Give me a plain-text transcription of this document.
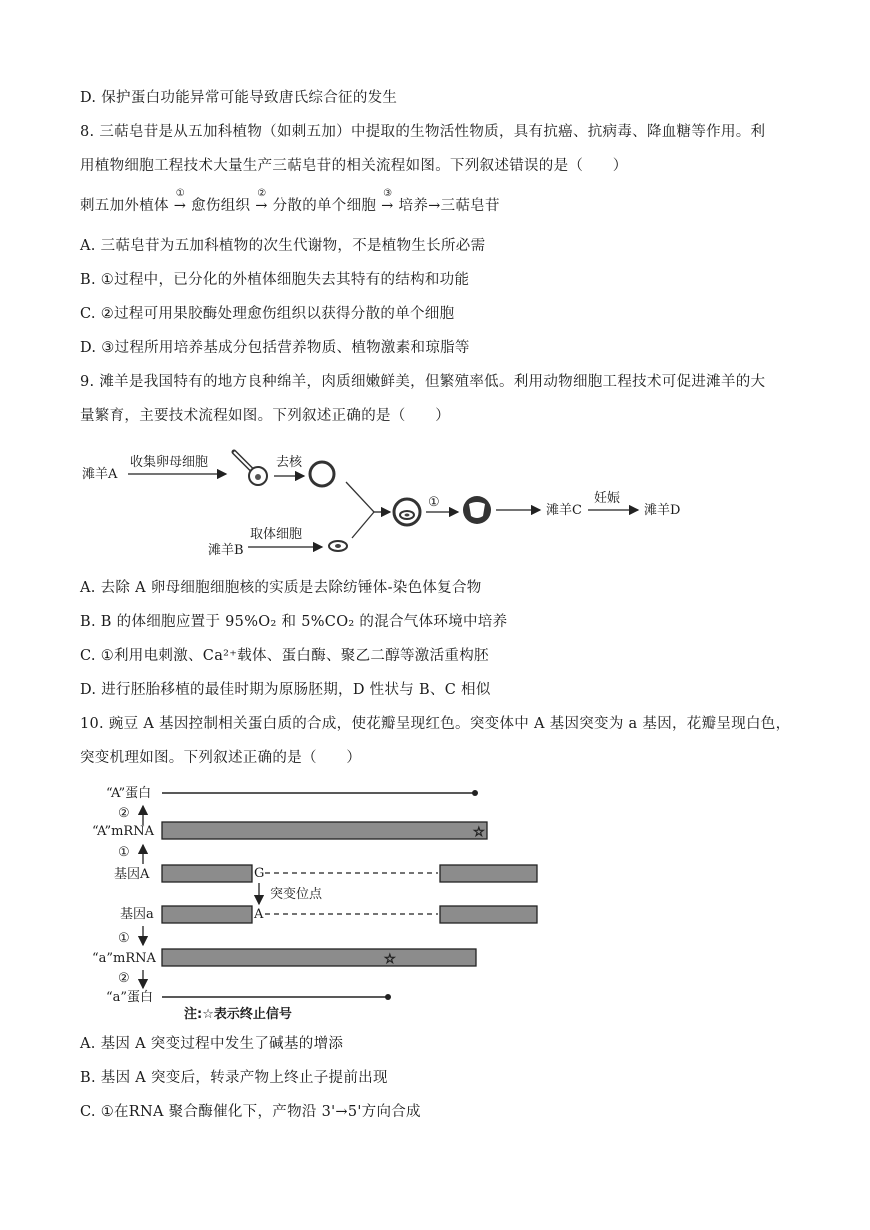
D. 保护蛋白功能异常可能导致唐氏综合征的发生
8. 三萜皂苷是从五加科植物（如刺五加）中提取的生物活性物质，具有抗癌、抗病毒、降血糖等作用。利
用植物细胞工程技术大量生产三萜皂苷的相关流程如图。下列叙述错误的是（　　）
刺五加外植体
①
→ 愈伤组织
②
→ 分散的单个细胞
③
→ 培养→三萜皂苷
A. 三萜皂苷为五加科植物的次生代谢物，不是植物生长所必需
B. ①过程中，已分化的外植体细胞失去其特有的结构和功能
C. ②过程可用果胶酶处理愈伤组织以获得分散的单个细胞
D. ③过程所用培养基成分包括营养物质、植物激素和琼脂等
9. 滩羊是我国特有的地方良种绵羊，肉质细嫩鲜美，但繁殖率低。利用动物细胞工程技术可促进滩羊的大
量繁育，主要技术流程如图。下列叙述正确的是（　　）
滩羊A
收集卵母细胞	去核
①
滩羊C
妊娠
滩羊D
滩羊B
取体细胞
“A”蛋白
②
“A”mRNA	☆
①
基因A	G
突变位点
基因a	A
①
“a”mRNA	☆
②
“a”蛋白
注:☆表示终止信号
A. 去除 A 卵母细胞细胞核的实质是去除纺锤体-染色体复合物
B. B 的体细胞应置于 95%O₂ 和 5%CO₂ 的混合气体环境中培养
C. ①利用电刺激、Ca²⁺载体、蛋白酶、聚乙二醇等激活重构胚
D. 进行胚胎移植的最佳时期为原肠胚期，D 性状与 B、C 相似
10. 豌豆 A 基因控制相关蛋白质的合成，使花瓣呈现红色。突变体中 A 基因突变为 a 基因，花瓣呈现白色，
突变机理如图。下列叙述正确的是（　　）
A. 基因 A 突变过程中发生了碱基的增添
B. 基因 A 突变后，转录产物上终止子提前出现
C. ①在RNA 聚合酶催化下，产物沿 3'→5'方向合成
